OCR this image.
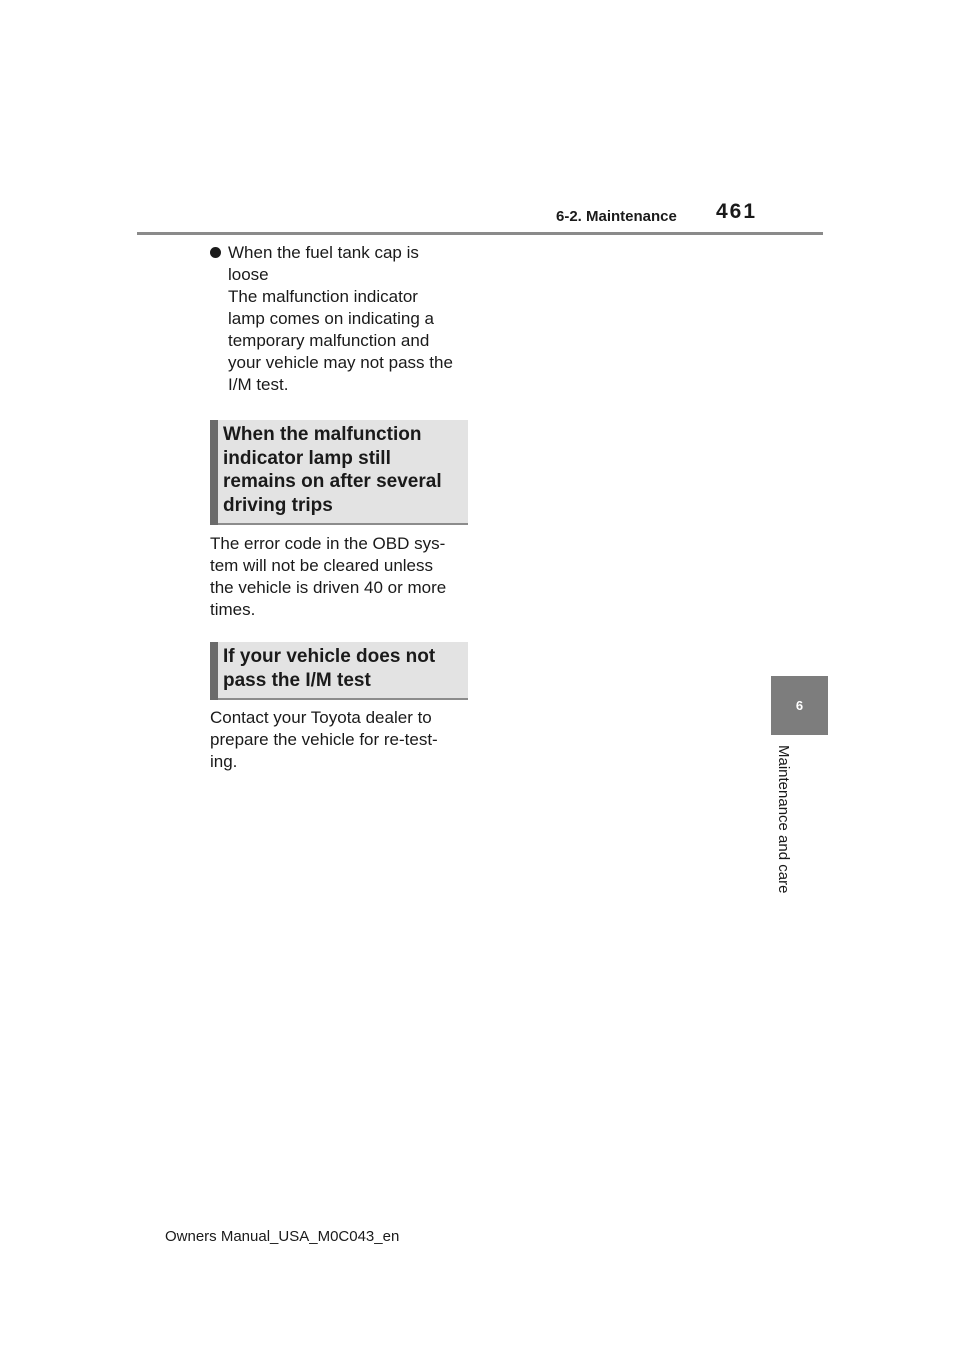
6-2. Maintenance	461
6
Maintenance and care

When the fuel tank cap is

loose

The malfunction indicator

lamp comes on indicating a

temporary malfunction and

your vehicle may not pass the

I/M test.

When the malfunction

indicator lamp still

remains on after several

driving trips

The error code in the OBD sys-

tem will not be cleared unless

the vehicle is driven 40 or more

times.

If your vehicle does not

pass the I/M test

Contact your Toyota dealer to

prepare the vehicle for re-test-

ing.

Owners Manual_USA_M0C043_en
